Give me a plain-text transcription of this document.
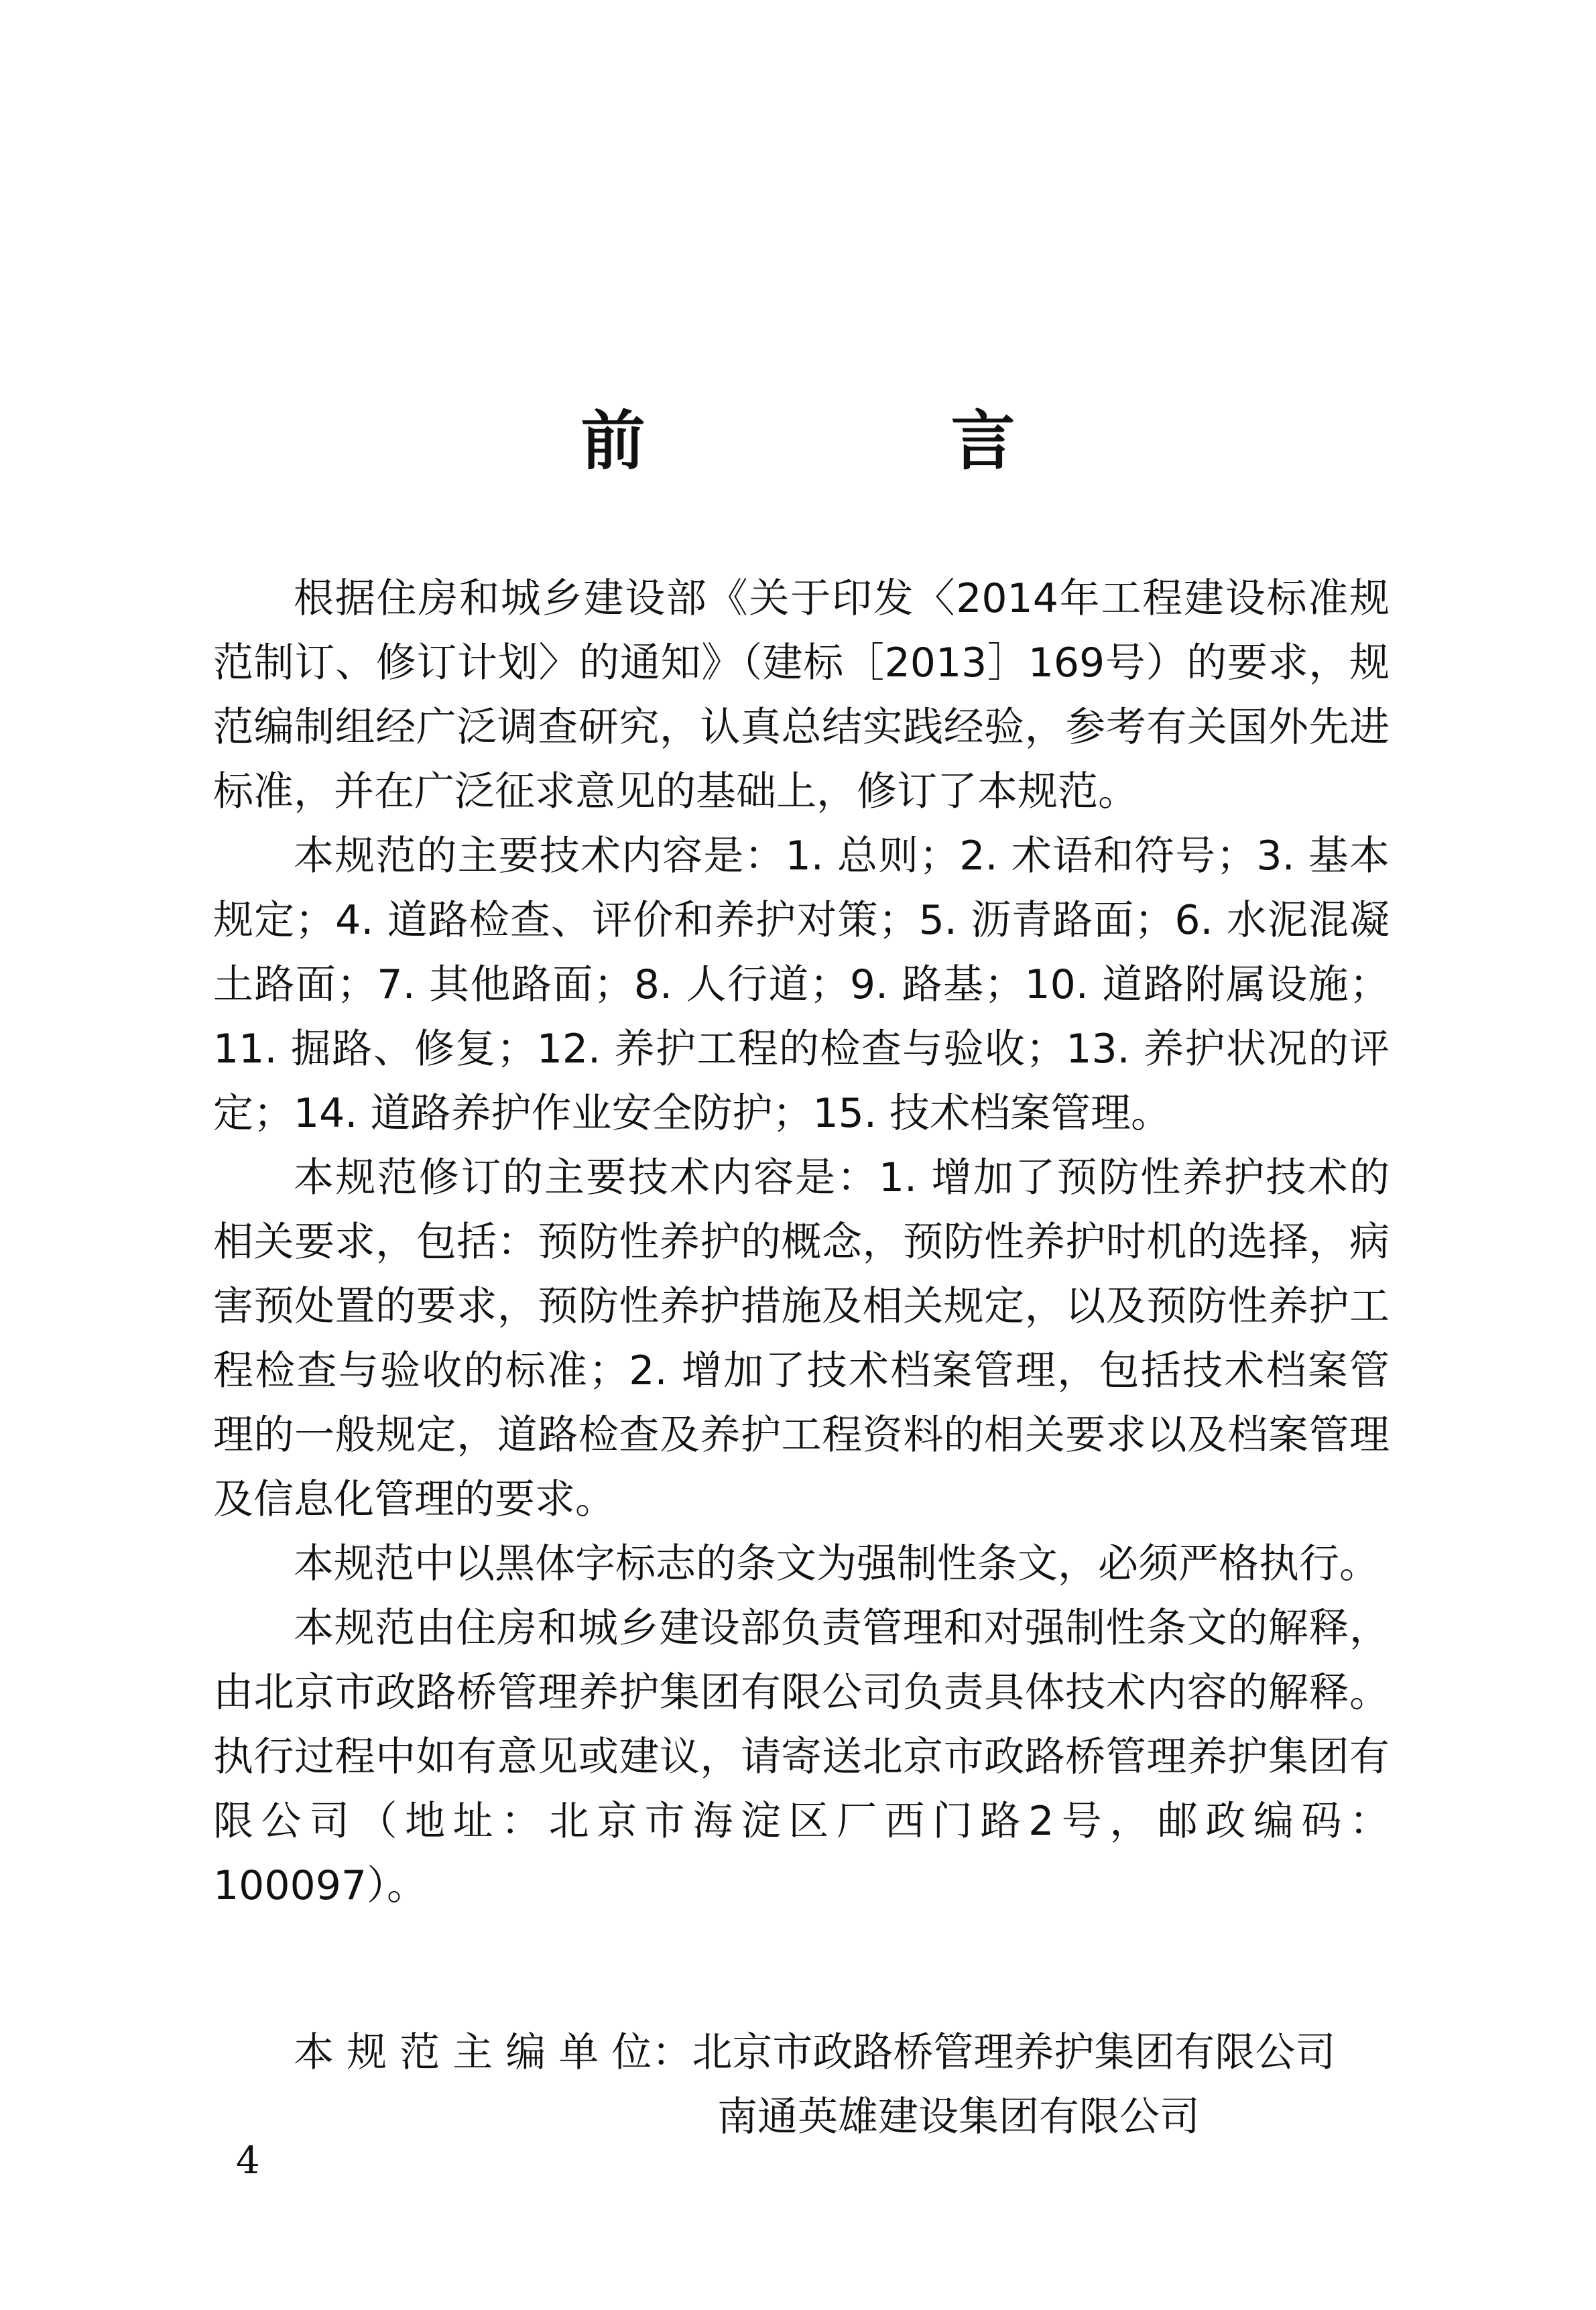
前　言

根据住房和城乡建设部《关于印发〈2014年工程建设标准规范制订、修订计划〉的通知》（建标［2013］169号）的要求，规范编制组经广泛调查研究，认真总结实践经验，参考有关国外先进标准，并在广泛征求意见的基础上，修订了本规范。

本规范的主要技术内容是：1. 总则；2. 术语和符号；3. 基本规定；4. 道路检查、评价和养护对策；5. 沥青路面；6. 水泥混凝土路面；7. 其他路面；8. 人行道；9. 路基；10. 道路附属设施；11. 掘路、修复；12. 养护工程的检查与验收；13. 养护状况的评定；14. 道路养护作业安全防护；15. 技术档案管理。

本规范修订的主要技术内容是：1. 增加了预防性养护技术的相关要求，包括：预防性养护的概念，预防性养护时机的选择，病害预处置的要求，预防性养护措施及相关规定，以及预防性养护工程检查与验收的标准；2. 增加了技术档案管理，包括技术档案管理的一般规定，道路检查及养护工程资料的相关要求以及档案管理及信息化管理的要求。

本规范中以黑体字标志的条文为强制性条文，必须严格执行。

本规范由住房和城乡建设部负责管理和对强制性条文的解释，由北京市政路桥管理养护集团有限公司负责具体技术内容的解释。执行过程中如有意见或建议，请寄送北京市政路桥管理养护集团有限公司（地址：北京市海淀区厂西门路2号，邮政编码：100097）。

本 规 范 主 编 单 位：北京市政路桥管理养护集团有限公司
南通英雄建设集团有限公司
4
